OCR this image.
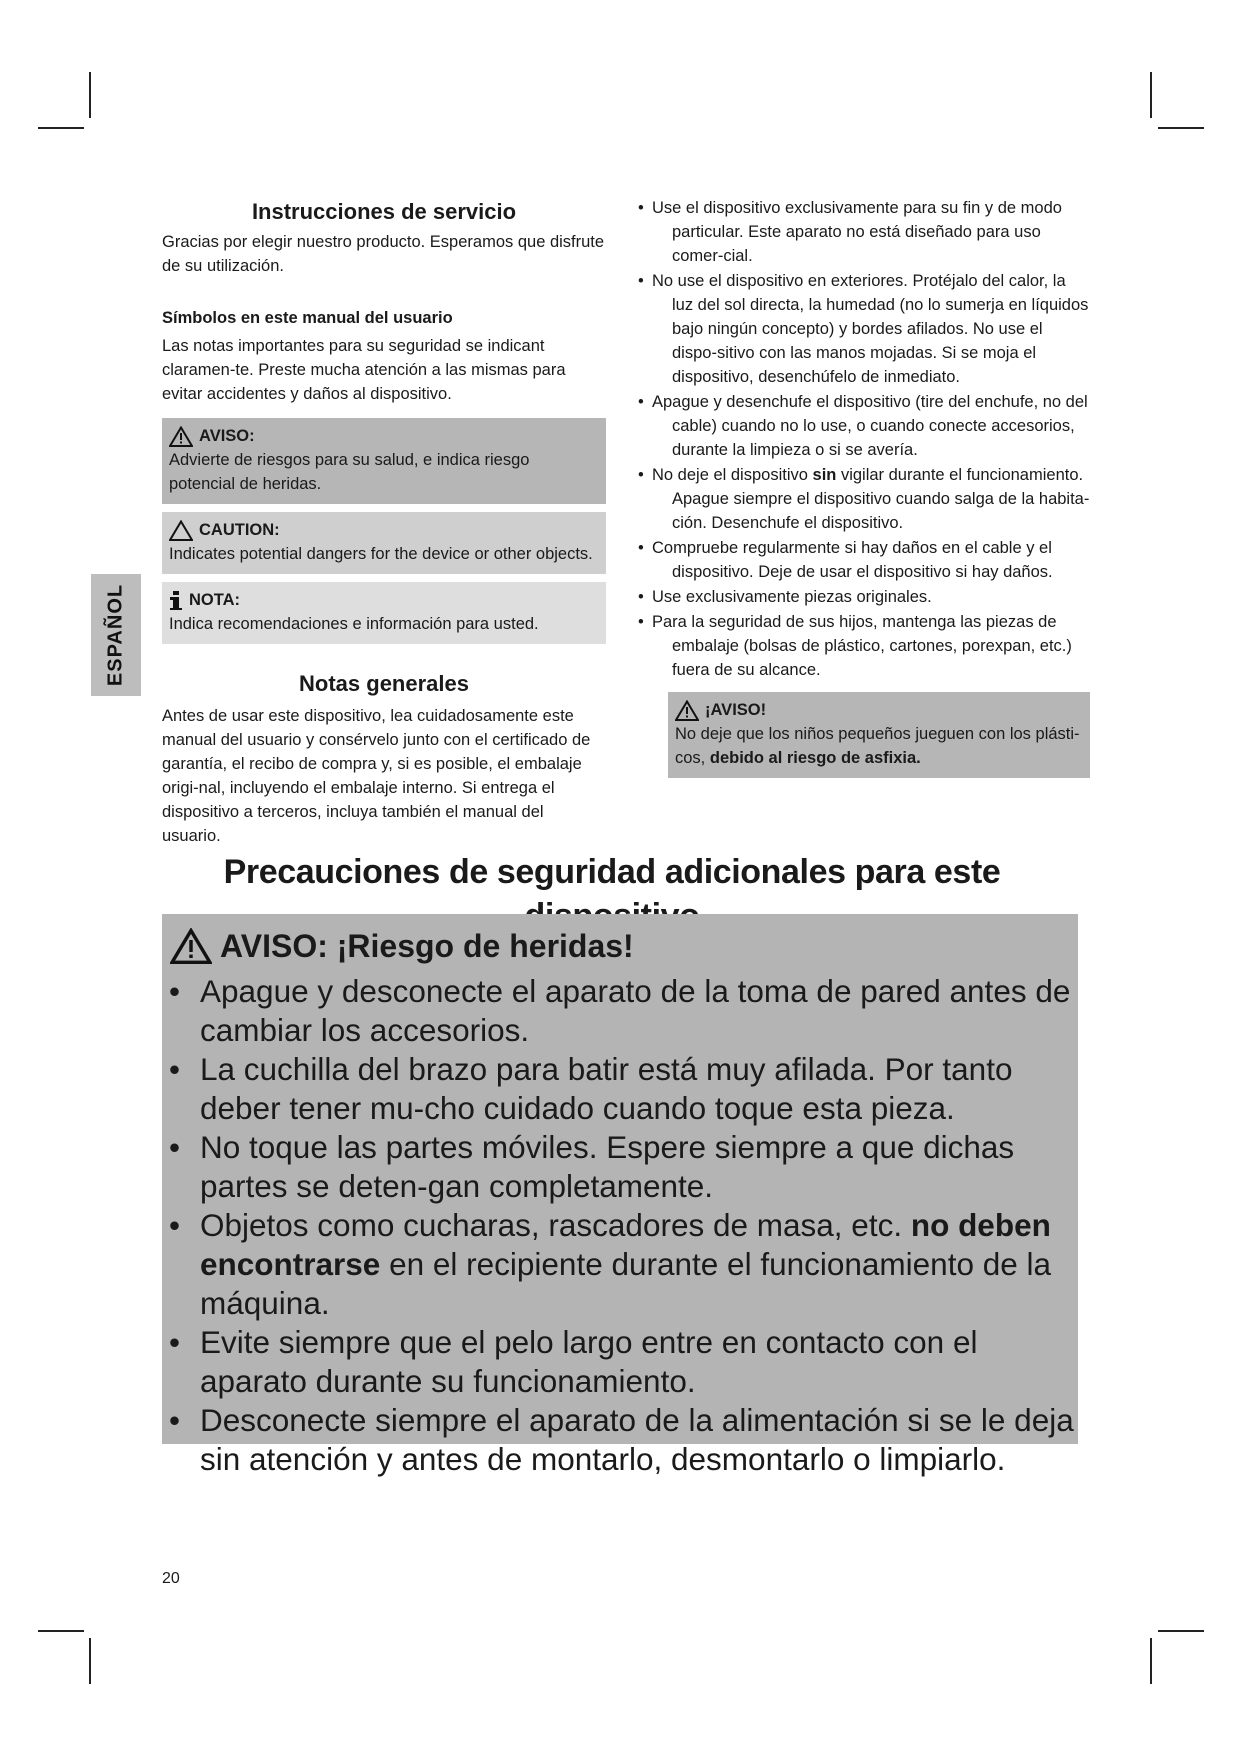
ESPAÑOL
Instrucciones de servicio

Gracias por elegir nuestro producto. Esperamos que disfrute de su utilización.

Símbolos en este manual del usuario

Las notas importantes para su seguridad se indicant claramen-te. Preste mucha atención a las mismas para evitar accidentes y daños al dispositivo.

AVISO:

Advierte de riesgos para su salud, e indica riesgo potencial de heridas.

CAUTION:

Indicates potential dangers for the device or other objects.

NOTA:

Indica recomendaciones e información para usted.

Notas generales

Antes de usar este dispositivo, lea cuidadosamente este manual del usuario y consérvelo junto con el certificado de garantía, el recibo de compra y, si es posible, el embalaje origi-nal, incluyendo el embalaje interno. Si entrega el dispositivo a terceros, incluya también el manual del usuario.

• Use el dispositivo exclusivamente para su fin y de modo particular. Este aparato no está diseñado para uso comer-cial.
• No use el dispositivo en exteriores. Protéjalo del calor, la luz del sol directa, la humedad (no lo sumerja en líquidos bajo ningún concepto) y bordes afilados. No use el dispo-sitivo con las manos mojadas. Si se moja el dispositivo, desenchúfelo de inmediato.
• Apague y desenchufe el dispositivo (tire del enchufe, no del cable) cuando no lo use, o cuando conecte accesorios, durante la limpieza o si se avería.
• No deje el dispositivo sin vigilar durante el funcionamiento. Apague siempre el dispositivo cuando salga de la habita-ción. Desenchufe el dispositivo.
• Compruebe regularmente si hay daños en el cable y el dispositivo. Deje de usar el dispositivo si hay daños.
• Use exclusivamente piezas originales.
• Para la seguridad de sus hijos, mantenga las piezas de embalaje (bolsas de plástico, cartones, porexpan, etc.) fuera de su alcance.
¡AVISO!

No deje que los niños pequeños jueguen con los plásti-cos, debido al riesgo de asfixia.

Precauciones de seguridad adicionales para este
AVISO: ¡Riesgo de heridas!
• Apague y desconecte el aparato de la toma de pared antes de cambiar los accesorios.
• La cuchilla del brazo para batir está muy afilada. Por tanto deber tener mu-cho cuidado cuando toque esta pieza.
• No toque las partes móviles. Espere siempre a que dichas partes se deten-gan completamente.
• Objetos como cucharas, rascadores de masa, etc. no deben encontrarse en el recipiente durante el funcionamiento de la máquina.
• Evite siempre que el pelo largo entre en contacto con el aparato durante su funcionamiento.
• Desconecte siempre el aparato de la alimentación si se le deja sin atención y antes de montarlo, desmontarlo o limpiarlo.
20
